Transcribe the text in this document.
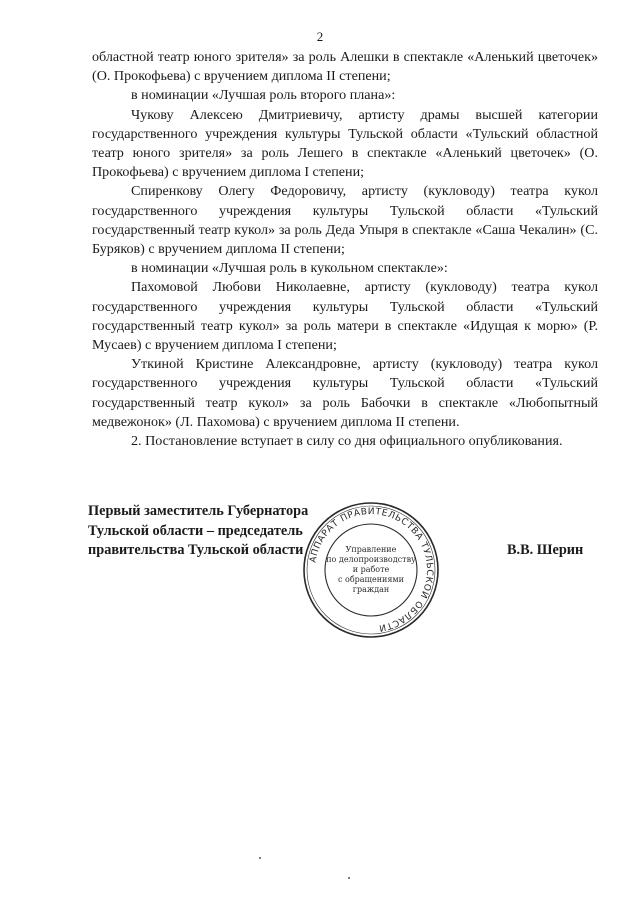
2

областной театр юного зрителя» за роль Алешки в спектакле «Аленький цветочек» (О. Прокофьева) с вручением диплома II степени;

в номинации «Лучшая роль второго плана»:

Чукову Алексею Дмитриевичу, артисту драмы высшей категории государственного учреждения культуры Тульской области «Тульский областной театр юного зрителя» за роль Лешего в спектакле «Аленький цветочек» (О. Прокофьева) с вручением диплома I степени;

Спиренкову Олегу Федоровичу, артисту (кукловоду) театра кукол государственного учреждения культуры Тульской области «Тульский государственный театр кукол» за роль Деда Упыря в спектакле «Саша Чекалин» (С. Буряков) с вручением диплома II степени;

в номинации «Лучшая роль в кукольном спектакле»:

Пахомовой Любови Николаевне, артисту (кукловоду) театра кукол государственного учреждения культуры Тульской области «Тульский государственный театр кукол» за роль матери в спектакле «Идущая к морю» (Р. Мусаев) с вручением диплома I степени;

Уткиной Кристине Александровне, артисту (кукловоду) театра кукол государственного учреждения культуры Тульской области «Тульский государственный театр кукол» за роль Бабочки в спектакле «Любопытный медвежонок» (Л. Пахомова) с вручением диплома II степени.

2. Постановление вступает в силу со дня официального опубликования.

Первый заместитель Губернатора
Тульской области – председатель
правительства Тульской области	В.В. Шерин
АППАРАТ ПРАВИТЕЛЬСТВА ТУЛЬСКОЙ ОБЛАСТИ
Управление
по делопроизводству
и работе
с обращениями
граждан
